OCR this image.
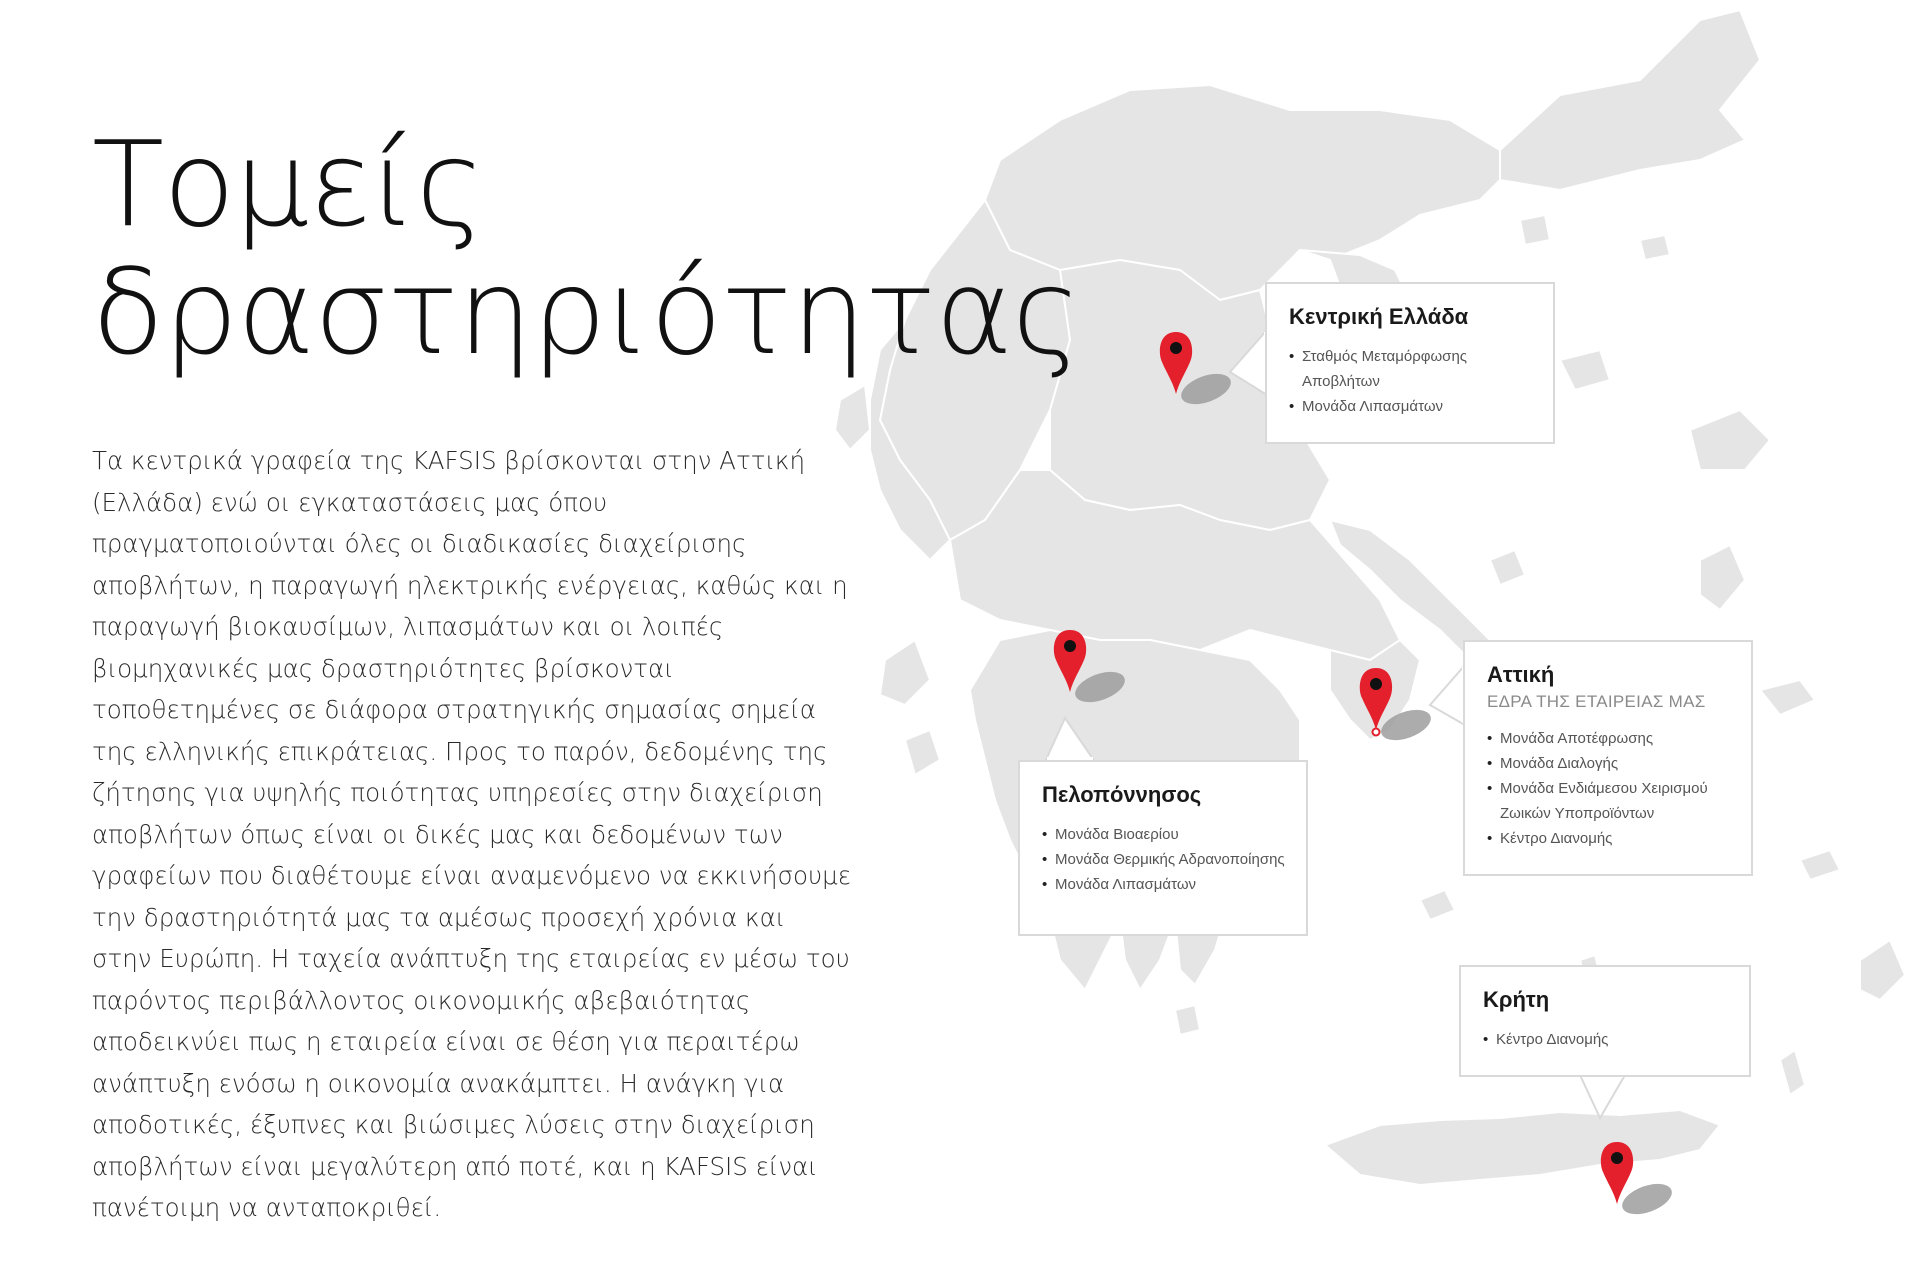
Τομείς
δραστηριότητας

Τα κεντρικά γραφεία της KAFSIS βρίσκονται στην Αττική (Ελλάδα) ενώ οι εγκαταστάσεις μας όπου πραγματοποιούνται όλες οι διαδικασίες διαχείρισης αποβλήτων, η παραγωγή ηλεκτρικής ενέργειας, καθώς και η παραγωγή βιοκαυσίμων, λιπασμάτων και οι λοιπές βιομηχανικές μας δραστηριότητες βρίσκονται τοποθετημένες σε διάφορα στρατηγικής σημασίας σημεία της ελληνικής επικράτειας. Προς το παρόν, δεδομένης της ζήτησης για υψηλής ποιότητας υπηρεσίες στην διαχείριση αποβλήτων όπως είναι οι δικές μας και δεδομένων των γραφείων που διαθέτουμε είναι αναμενόμενο να εκκινήσουμε την δραστηριότητά μας τα αμέσως προσεχή χρόνια και στην Ευρώπη. Η ταχεία ανάπτυξη της εταιρείας εν μέσω του παρόντος περιβάλλοντος οικονομικής αβεβαιότητας αποδεικνύει πως η εταιρεία είναι σε θέση για περαιτέρω ανάπτυξη ενόσω η οικονομία ανακάμπτει. Η ανάγκη για αποδοτικές, έξυπνες και βιώσιμες λύσεις στην διαχείριση αποβλήτων είναι μεγαλύτερη από ποτέ, και η KAFSIS είναι πανέτοιμη να ανταποκριθεί.

Κεντρική Ελλάδα
• Σταθμός Μεταμόρφωσης Αποβλήτων
• Μονάδα Λιπασμάτων
Πελοπόννησος
• Μονάδα Βιοαερίου
• Μονάδα Θερμικής Αδρανοποίησης
• Μονάδα Λιπασμάτων
Αττική

ΕΔΡΑ ΤΗΣ ΕΤΑΙΡΕΙΑΣ ΜΑΣ

• Μονάδα Αποτέφρωσης
• Μονάδα Διαλογής
• Μονάδα Ενδιάμεσου Χειρισμού Ζωικών Υποπροϊόντων
• Κέντρο Διανομής
Κρήτη
• Κέντρο Διανομής
